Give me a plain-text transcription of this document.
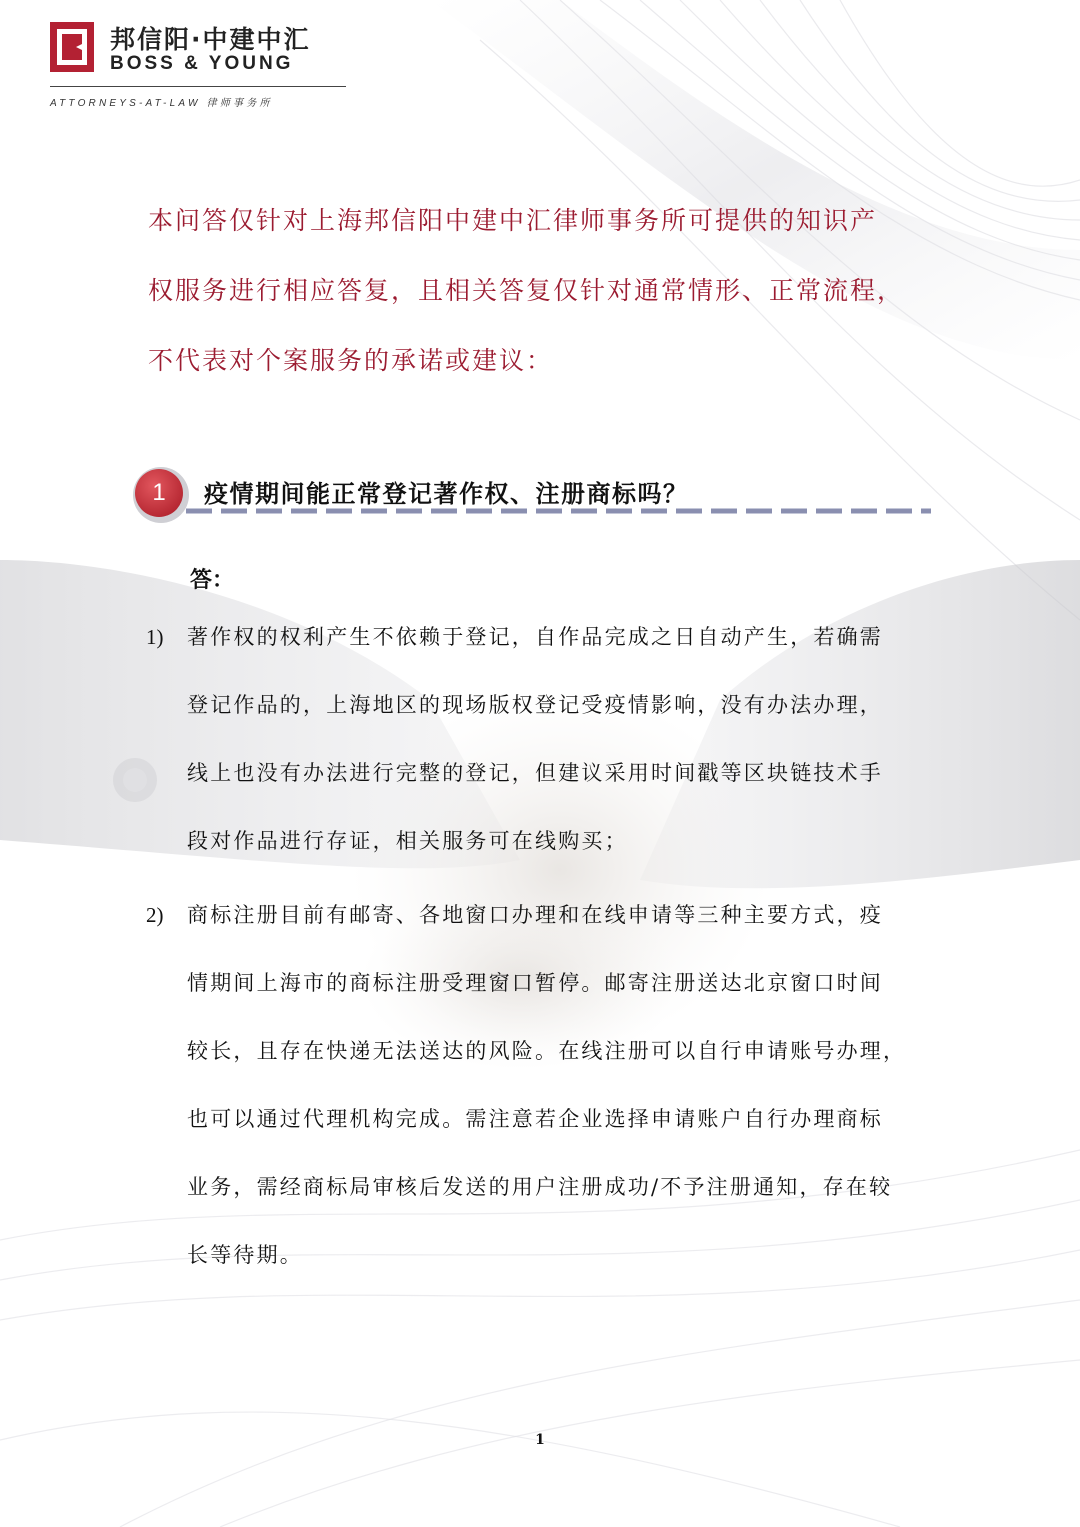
邦信阳·中建中汇
BOSS & YOUNG
ATTORNEYS-AT-LAW 律师事务所
本问答仅针对上海邦信阳中建中汇律师事务所可提供的知识产
权服务进行相应答复，且相关答复仅针对通常情形、正常流程，
不代表对个案服务的承诺或建议：
1	疫情期间能正常登记著作权、注册商标吗？
答：
1) 著作权的权利产生不依赖于登记，自作品完成之日自动产生，若确需
登记作品的，上海地区的现场版权登记受疫情影响，没有办法办理，
线上也没有办法进行完整的登记，但建议采用时间戳等区块链技术手
段对作品进行存证，相关服务可在线购买；
2) 商标注册目前有邮寄、各地窗口办理和在线申请等三种主要方式，疫
情期间上海市的商标注册受理窗口暂停。邮寄注册送达北京窗口时间
较长，且存在快递无法送达的风险。在线注册可以自行申请账号办理，
也可以通过代理机构完成。需注意若企业选择申请账户自行办理商标
业务，需经商标局审核后发送的用户注册成功/不予注册通知，存在较
长等待期。
1
